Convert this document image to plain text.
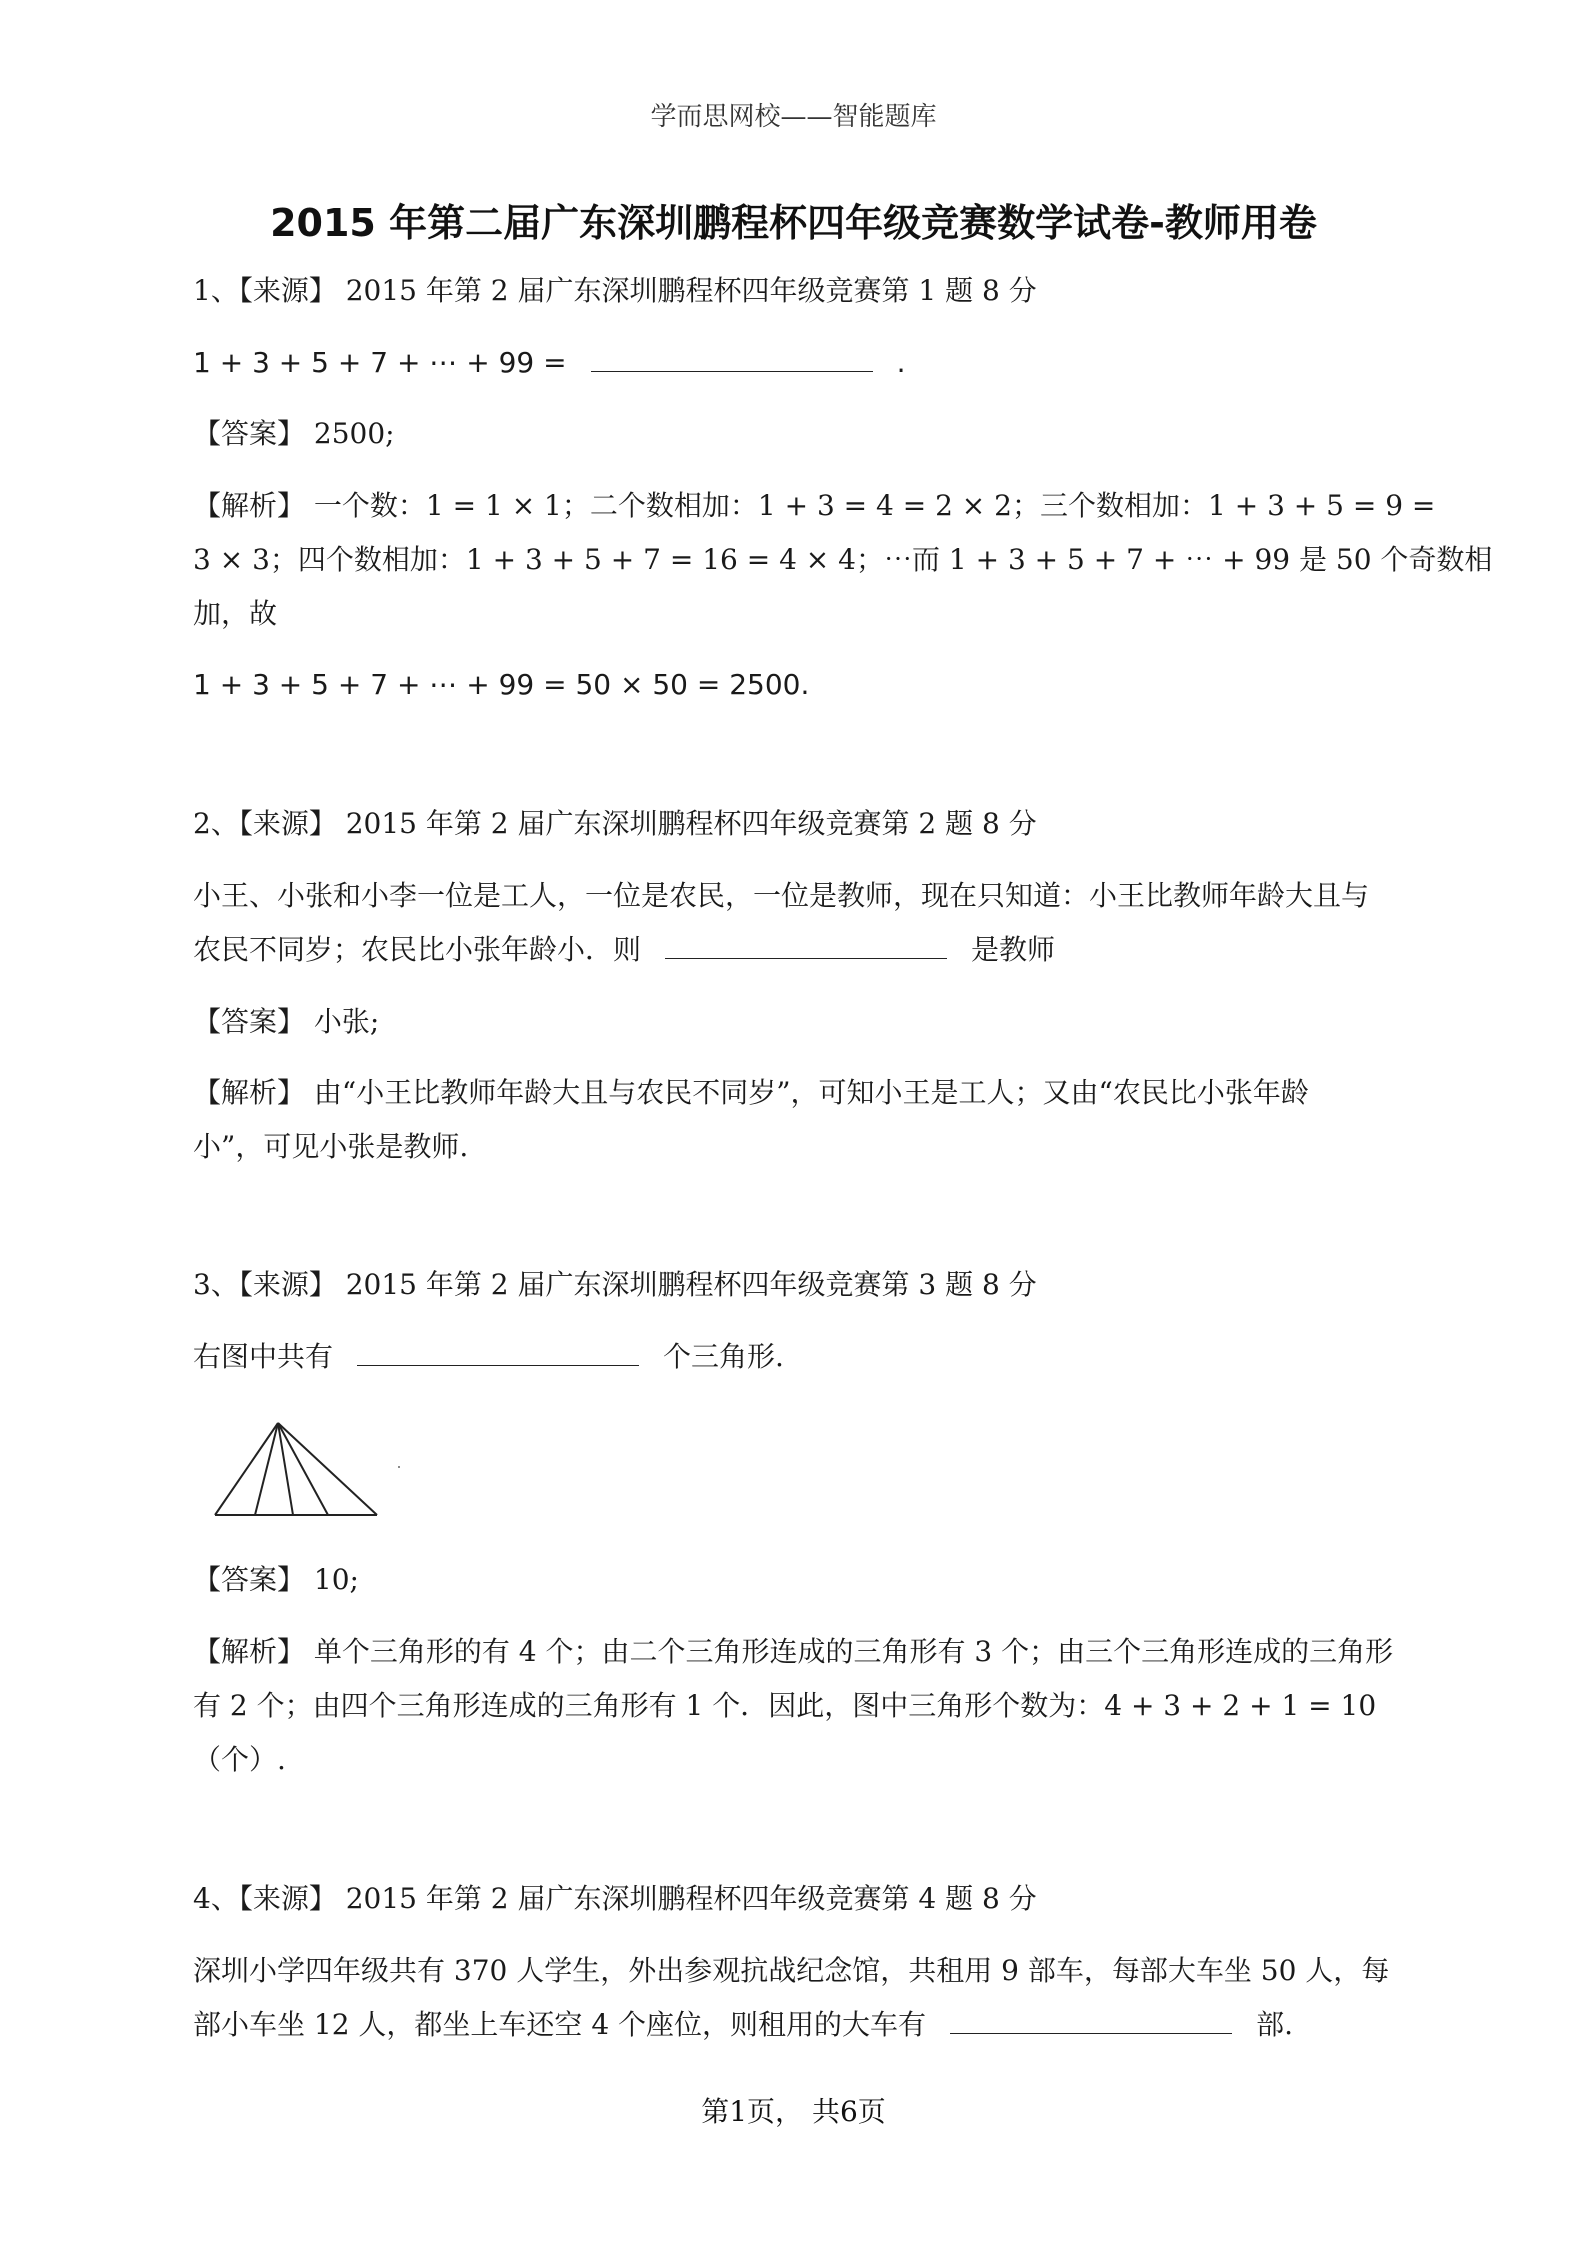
学而思网校——智能题库
2015 年第二届广东深圳鹏程杯四年级竞赛数学试卷-教师用卷
1、【来源】 2015 年第 2 届广东深圳鹏程杯四年级竞赛第 1 题 8 分
1 + 3 + 5 + 7 + ⋯ + 99 =	.
【答案】 2500;
【解析】 一个数：1 = 1 × 1；二个数相加：1 + 3 = 4 = 2 × 2；三个数相加：1 + 3 + 5 = 9 =
3 × 3；四个数相加：1 + 3 + 5 + 7 = 16 = 4 × 4；⋯而 1 + 3 + 5 + 7 + ⋯ + 99 是 50 个奇数相
加，故
1 + 3 + 5 + 7 + ⋯ + 99 = 50 × 50 = 2500.
2、【来源】 2015 年第 2 届广东深圳鹏程杯四年级竞赛第 2 题 8 分
小王、小张和小李一位是工人，一位是农民，一位是教师，现在只知道：小王比教师年龄大且与
农民不同岁；农民比小张年龄小．则	是教师
【答案】 小张;
【解析】 由“小王比教师年龄大且与农民不同岁”，可知小王是工人；又由“农民比小张年龄
小”，可见小张是教师.
3、【来源】 2015 年第 2 届广东深圳鹏程杯四年级竞赛第 3 题 8 分
右图中共有	个三角形.
【答案】 10;
【解析】 单个三角形的有 4 个；由二个三角形连成的三角形有 3 个；由三个三角形连成的三角形
有 2 个；由四个三角形连成的三角形有 1 个．因此，图中三角形个数为：4 + 3 + 2 + 1 = 10
（个）.
4、【来源】 2015 年第 2 届广东深圳鹏程杯四年级竞赛第 4 题 8 分
深圳小学四年级共有 370 人学生，外出参观抗战纪念馆，共租用 9 部车，每部大车坐 50 人，每
部小车坐 12 人，都坐上车还空 4 个座位，则租用的大车有	部.
第1页， 共6页
